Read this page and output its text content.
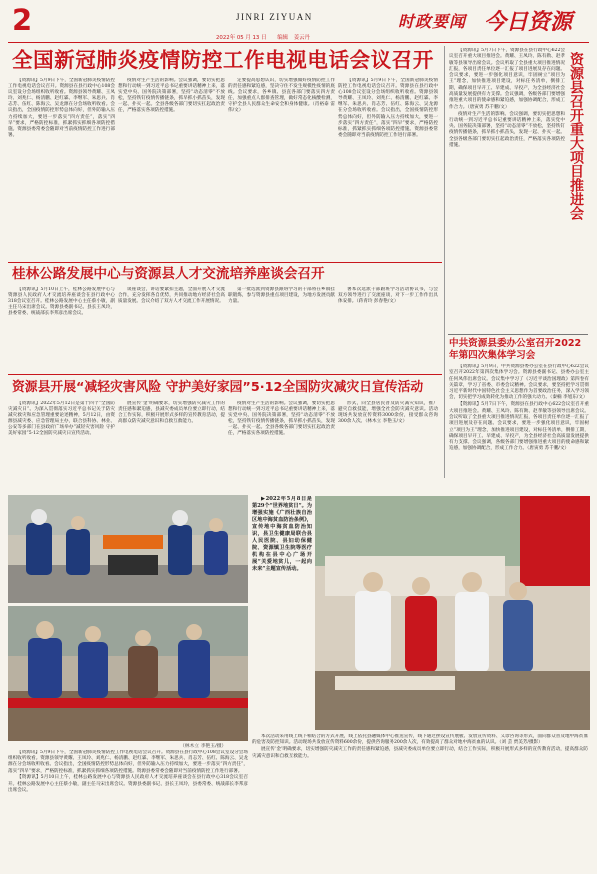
2	JINRI ZIYUAN
2022年 05 月 13 日 编辑 姜云丹
时政要闻 今日资源
全国新冠肺炎疫情防控工作电视电话会议召开

【资源讯】5月9日下午，全国新冠肺炎疫情防控工作电视电话会议召开。资源县在县行政中心108会议室设分会场组织收听收看。资源县领导黄耀、王凤玲、刘兆仁、杨清鹏、赵红霖、李继军、朱思兵、肖志芳、伍红、陈海云、吴龙源在分会场收听收看。会议指出，全国疫情防控形势总体向好，但外防输入压力持续加大，要进一步落实“四方责任”，落实“四早”要求，严格防控标准，抓紧抓实抓细各项防控措施。资源县委常委会随即对当前疫情防控工作进行部署。

疫情对生产生活的影响。会议强调，要切实把思想和行动统一到习近平总书记重要讲话精神上来，落实党中央、国务院决策部署，坚持“动态清零”不放松，坚持铁钉疫情传播链条，抓早抓小抓苗头，发现一起、扑灭一起。全县各级各部门要切实扛起政治责任，严格落实各项防控措施。

定要提高思想认识，切实增强做好疫情防控工作的责任感和紧迫感，坚决守住不发生规模性疫情的底线。会议要求，各乡镇、县直各部门要落实四方责任，加强重点人群排查管理，做好常态化核酸检测，守护全县人民群众生命安全和身体健康。（肖裕泰 雷伟/文）

【资源讯】5月9日下午，全国新冠肺炎疫情防控工作电视电话会议召开。资源县在县行政中心108会议室设分会场组织收听收看。资源县领导黄耀、王凤玲、刘兆仁、杨清鹏、赵红霖、李继军、朱思兵、肖志芳、伍红、陈海云、吴龙源在分会场收听收看。会议指出，全国疫情防控形势总体向好，但外防输入压力持续加大，要进一步落实“四方责任”，落实“四早”要求，严格防控标准，抓紧抓实抓细各项防控措施。资源县委常委会随即对当前疫情防控工作进行部署。

【资源讯】5月7日下午，资源县在县行政中心622会议室召开重大项目推进会。黄耀、王凤玲、陈有勋、赵孝敏等县领导出席会议。会议听取了全县重大项目推进情况汇报，各项目责任单位逐一汇报了项目进展及存在问题。会议要求，要进一步强化项目意识，牢固树立“项目为王”理念，加快推进项目建设，对标任务清单，倒排工期，确保项目早开工、早建成、早投产，为全县经济社会高质量发展提供有力支撑。会议强调，各级各部门要增强推进重大项目的使命感和紧迫感，加强协调配合，形成工作合力。（唐寅勇 苏千鹏/文）

疫情对生产生活的影响。会议强调，要切实把思想和行动统一到习近平总书记重要讲话精神上来，落实党中央、国务院决策部署，坚持“动态清零”不放松，坚持铁钉疫情传播链条，抓早抓小抓苗头，发现一起、扑灭一起。全县各级各部门要切实扛起政治责任，严格落实各项防控措施。	资源县召开重大项目推进会
桂林公路发展中心与资源县人才交流培养座谈会召开

【资源讯】5月10日上午，桂林公路发展中心与资源县人民政府人才交流培养座谈会在县行政中心318会议室召开。桂林公路发展中心主任蔡小敏，副主任马宋出席会议。资源县委副书记、县长王凤玲，县委常委、统战部长李邦彦出席会议。

谈座谈会，讲话要紧扣主题，全面开展人才交流合作，充分发挥各自优势，共同推动地方经济社会高质量发展。会议介绍了双方人才交流工作开展情况。

第一批选派到资源县跟班学习的干部将在乡镇挂职锻炼，参与资源县重点项目建设，为地方发展贡献力量。

署本次选派干部跟班学习活动协议书，与会双方领导进行了交流座谈，对下一步工作作出具体安排。（蒋青玲 彭春艳/文）

中共资源县委办公室召开2022年第四次集体学习会

【资源讯】5月9日，中共资源县委办公室在县行政中心622会议室召开2022年第四次集体学习会。资源县委副书记、县委办公室主任何凤伟出席会议。会议集中学习了《习近平谈治国理政》第四卷有关篇章，学习了省委、市委会议精神。会议要求，要坚持把学习贯彻习近平新时代中国特色社会主义思想作为首要政治任务，深入学习领会，切实把学习成效转化为推动工作的强大动力。（秦楠 李旭东/文）

【资源讯】5月7日下午，资源县在县行政中心622会议室召开重大项目推进会。黄耀、王凤玲、陈有勋、赵孝敏等县领导出席会议。会议听取了全县重大项目推进情况汇报，各项目责任单位逐一汇报了项目进展及存在问题。会议要求，要进一步强化项目意识，牢固树立“项目为王”理念，加快推进项目建设，对标任务清单，倒排工期，确保项目早开工、早建成、早投产，为全县经济社会高质量发展提供有力支撑。会议强调，各级各部门要增强推进重大项目的使命感和紧迫感，加强协调配合，形成工作合力。（唐寅勇 苏千鹏/文）

资源县开展“减轻灾害风险 守护美好家园”5·12全国防灾减灾日宣传活动

【资源讯】2022年5月12日是第十四个“全国防灾减灾日”。为深入贯彻落实习近平总书记关于防灾减灾救灾和应急管理重要论述精神，5月12日，由资源县减灾委、应急管理局主办，联合县科协、林业、公安等多部门在县政府广场举办“减轻灾害风险 守护美好家园”5·12全国防灾减灾日宣传活动。

展宣传‘金’明确要求，切实增强防灾减灾工作的责任感和紧迫感，县减灾委成员单位要立即行动，结合工作实际，积极开展形式多样的宣传教育活动，提高群众防灾减灾意识和自救互救能力。

疫情对生产生活的影响。会议强调，要切实把思想和行动统一到习近平总书记重要讲话精神上来，落实党中央、国务院决策部署，坚持“动态清零”不放松，坚持铁钉疫情传播链条，抓早抓小抓苗头，发现一起、扑灭一起。全县各级各部门要切实扛起政治责任，严格落实各项防控措施。

形式，向全县居民普及防灾减灾知识，推广避灾自救技能，增强全社会防灾减灾意识。活动现场共发放宣传资料3000余份，接受群众咨询300余人次。（林木立 李艳玉/文）

（林木立 李艳玉/摄）

▶2022年5月8日是第29个“世界地贫日”。为增强实施《广西壮族自治区地中海贫血防治条例》，宣传地中海贫血防治知识，县卫生健康局联合县人民医院、县妇幼保健院、资源镇卫生院等医疗机构在县中心广场开展“关爱地贫儿，一起向未来”主题宣传活动。

本次活动采用线上线下相结合的方式开展，线上依托县融媒体中心推送宣传，线下通过摆设宣传展板、发放宣传资料、义诊咨询等形式，面向群众普及地中海贫血的危害及防控知识。活动现场共发放宣传资料600余份，提供咨询服务200余人次，有效提高了群众对地中海贫血的认识。（刘 芸 贾美芳/摄影）

展宣传‘金’明确要求，切实增强防灾减灾工作的责任感和紧迫感，县减灾委成员单位要立即行动，结合工作实际，积极开展形式多样的宣传教育活动，提高群众防灾减灾意识和自救互救能力。

【资源讯】5月9日下午，全国新冠肺炎疫情防控工作电视电话会议召开。资源县在县行政中心108会议室设分会场组织收听收看。资源县领导黄耀、王凤玲、刘兆仁、杨清鹏、赵红霖、李继军、朱思兵、肖志芳、伍红、陈海云、吴龙源在分会场收听收看。会议指出，全国疫情防控形势总体向好，但外防输入压力持续加大，要进一步落实“四方责任”，落实“四早”要求，严格防控标准，抓紧抓实抓细各项防控措施。资源县委常委会随即对当前疫情防控工作进行部署。

【资源讯】5月10日上午，桂林公路发展中心与资源县人民政府人才交流培养座谈会在县行政中心318会议室召开。桂林公路发展中心主任蔡小敏，副主任马宋出席会议。资源县委副书记、县长王凤玲，县委常委、统战部长李邦彦出席会议。
